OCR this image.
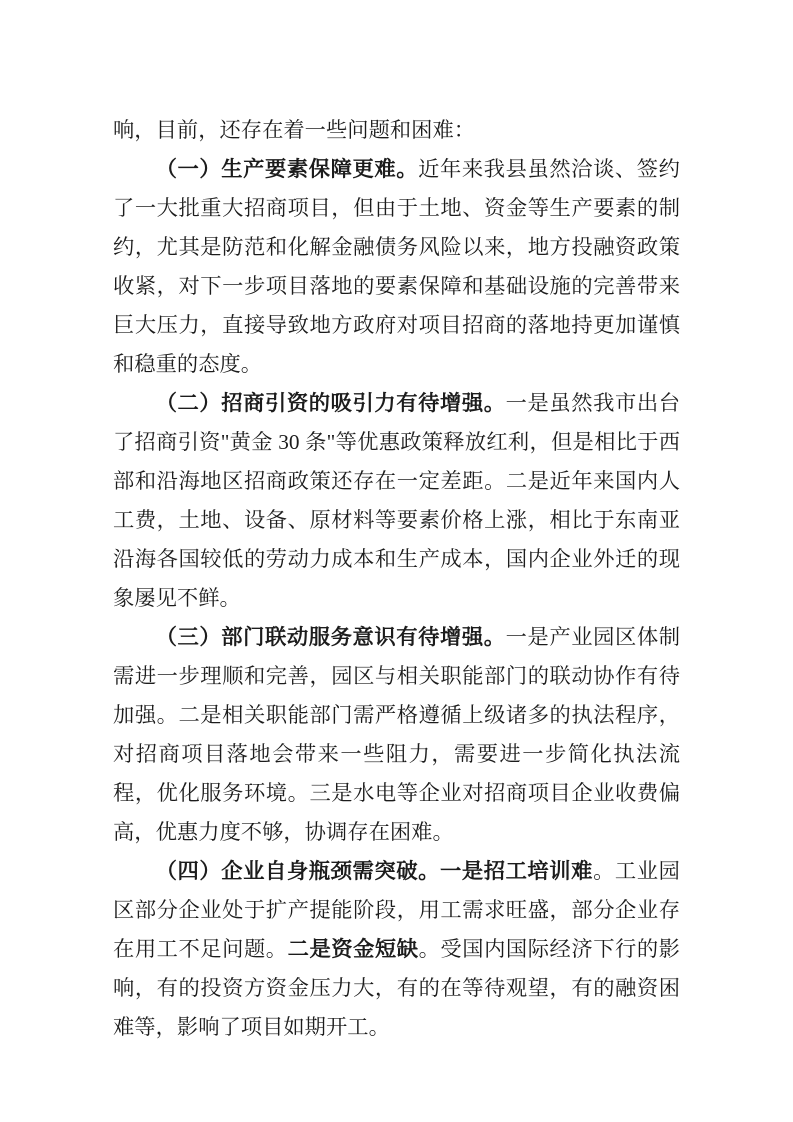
响，目前，还存在着一些问题和困难：

（一）生产要素保障更难。近年来我县虽然洽谈、签约了一大批重大招商项目，但由于土地、资金等生产要素的制约，尤其是防范和化解金融债务风险以来，地方投融资政策收紧，对下一步项目落地的要素保障和基础设施的完善带来巨大压力，直接导致地方政府对项目招商的落地持更加谨慎和稳重的态度。

（二）招商引资的吸引力有待增强。一是虽然我市出台了招商引资"黄金 30 条"等优惠政策释放红利，但是相比于西部和沿海地区招商政策还存在一定差距。二是近年来国内人工费，土地、设备、原材料等要素价格上涨，相比于东南亚沿海各国较低的劳动力成本和生产成本，国内企业外迁的现象屡见不鲜。

（三）部门联动服务意识有待增强。一是产业园区体制需进一步理顺和完善，园区与相关职能部门的联动协作有待加强。二是相关职能部门需严格遵循上级诸多的执法程序，对招商项目落地会带来一些阻力，需要进一步简化执法流程，优化服务环境。三是水电等企业对招商项目企业收费偏高，优惠力度不够，协调存在困难。

（四）企业自身瓶颈需突破。一是招工培训难。工业园区部分企业处于扩产提能阶段，用工需求旺盛，部分企业存在用工不足问题。二是资金短缺。受国内国际经济下行的影响，有的投资方资金压力大，有的在等待观望，有的融资困难等，影响了项目如期开工。
